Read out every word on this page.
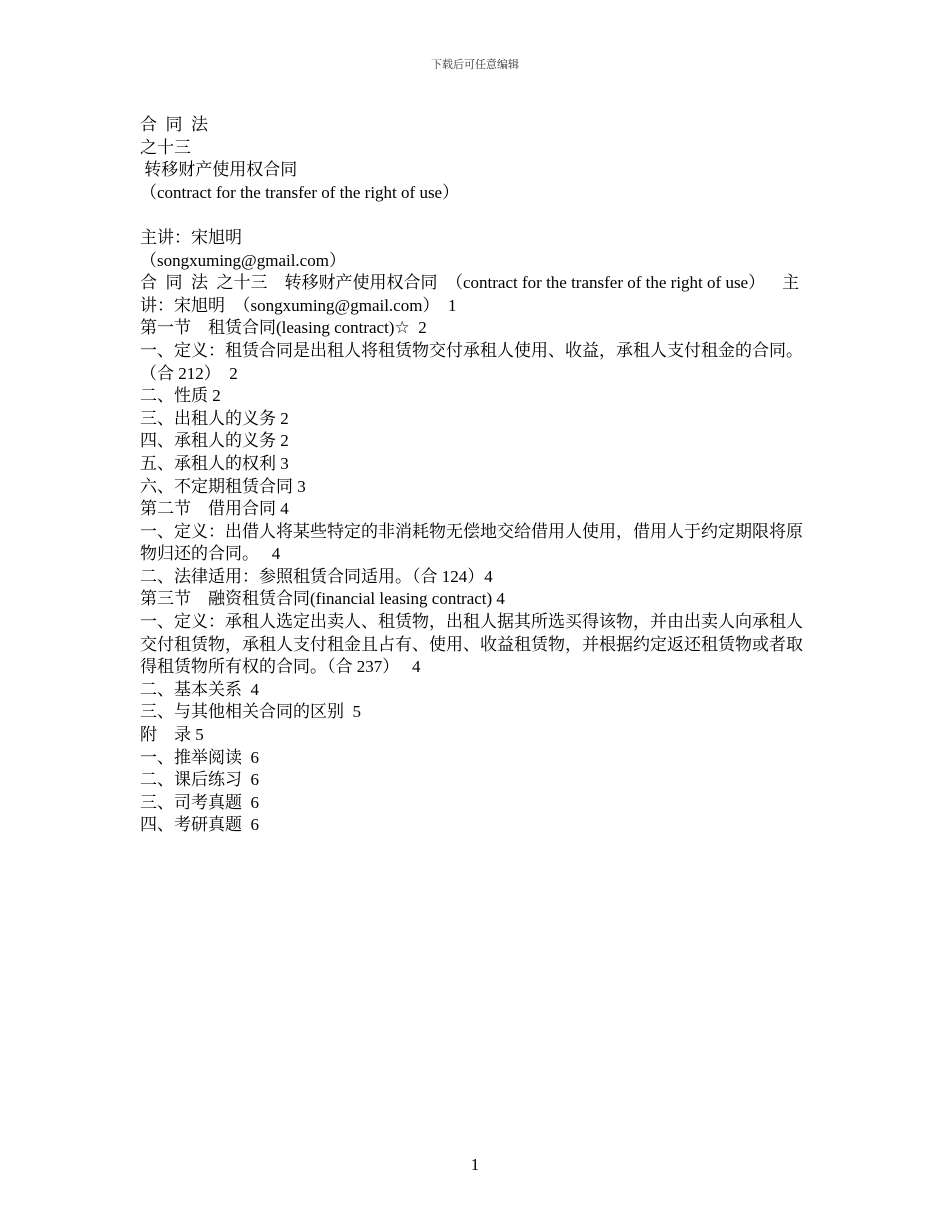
下载后可任意编辑
合  同  法
之十三
转移财产使用权合同
（contract for the transfer of the right of use）
主讲：宋旭明
（songxuming@gmail.com）
合  同  法  之十三    转移财产使用权合同  （contract for the transfer of the right of use）    主讲：宋旭明  （songxuming@gmail.com）  1
第一节    租赁合同(leasing contract)☆  2
一、定义：租赁合同是出租人将租赁物交付承租人使用、收益，承租人支付租金的合同。（合 212）  2
二、性质 2
三、出租人的义务 2
四、承租人的义务 2
五、承租人的权利 3
六、不定期租赁合同 3
第二节    借用合同 4
一、定义：出借人将某些特定的非消耗物无偿地交给借用人使用，借用人于约定期限将原物归还的合同。   4
二、法律适用：参照租赁合同适用。（合 124）4
第三节    融资租赁合同(financial leasing contract) 4
一、定义：承租人选定出卖人、租赁物，出租人据其所选买得该物，并由出卖人向承租人交付租赁物，承租人支付租金且占有、使用、收益租赁物，并根据约定返还租赁物或者取得租赁物所有权的合同。（合 237）   4
二、基本关系  4
三、与其他相关合同的区别  5
附    录 5
一、推举阅读  6
二、课后练习  6
三、司考真题  6
四、考研真题  6
1
